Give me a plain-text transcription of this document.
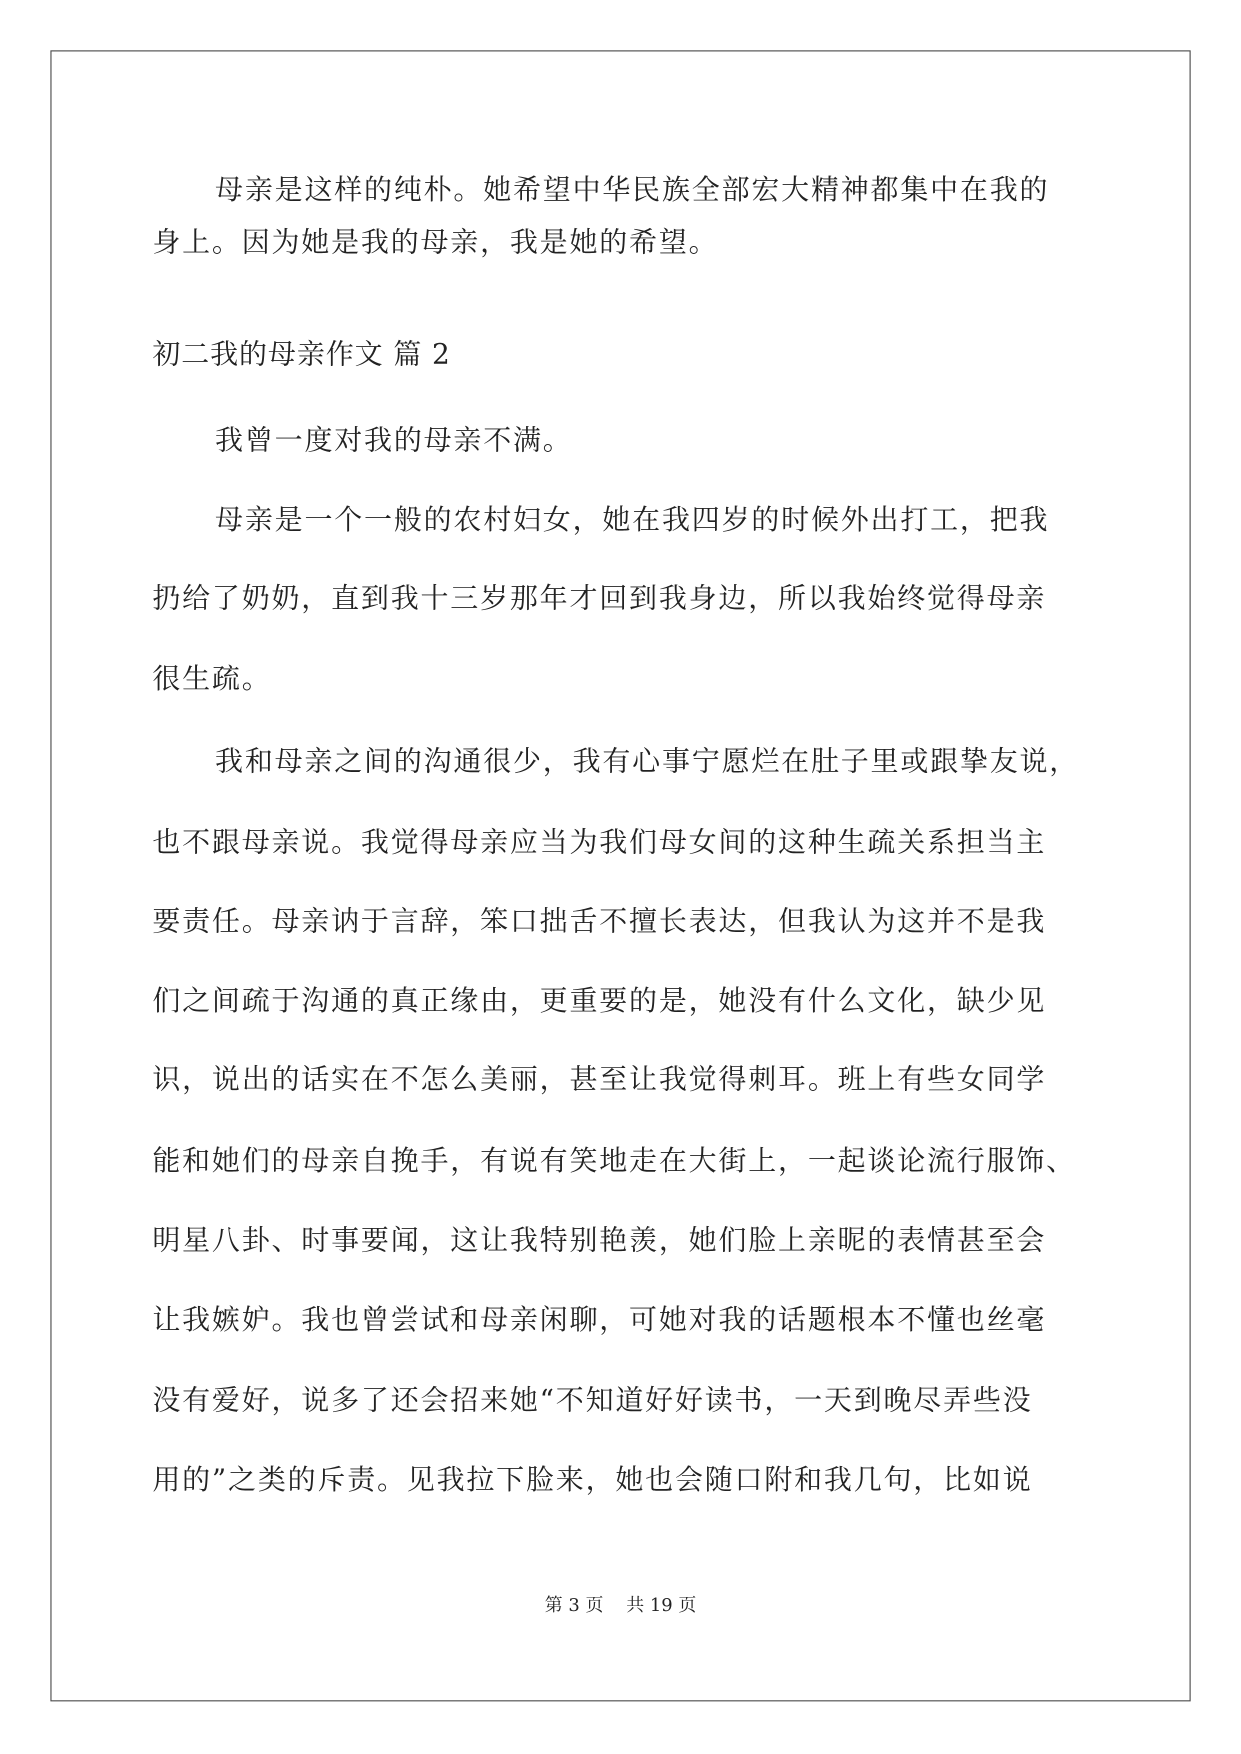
母亲是这样的纯朴。她希望中华民族全部宏大精神都集中在我的

身上。因为她是我的母亲，我是她的希望。

初二我的母亲作文 篇 2

我曾一度对我的母亲不满。

母亲是一个一般的农村妇女，她在我四岁的时候外出打工，把我

扔给了奶奶，直到我十三岁那年才回到我身边，所以我始终觉得母亲

很生疏。

我和母亲之间的沟通很少，我有心事宁愿烂在肚子里或跟挚友说，

也不跟母亲说。我觉得母亲应当为我们母女间的这种生疏关系担当主

要责任。母亲讷于言辞，笨口拙舌不擅长表达，但我认为这并不是我

们之间疏于沟通的真正缘由，更重要的是，她没有什么文化，缺少见

识，说出的话实在不怎么美丽，甚至让我觉得刺耳。班上有些女同学

能和她们的母亲自挽手，有说有笑地走在大街上，一起谈论流行服饰、

明星八卦、时事要闻，这让我特别艳羡，她们脸上亲昵的表情甚至会

让我嫉妒。我也曾尝试和母亲闲聊，可她对我的话题根本不懂也丝毫

没有爱好，说多了还会招来她“不知道好好读书，一天到晚尽弄些没

用的”之类的斥责。见我拉下脸来，她也会随口附和我几句，比如说

第 3 页    共 19 页
